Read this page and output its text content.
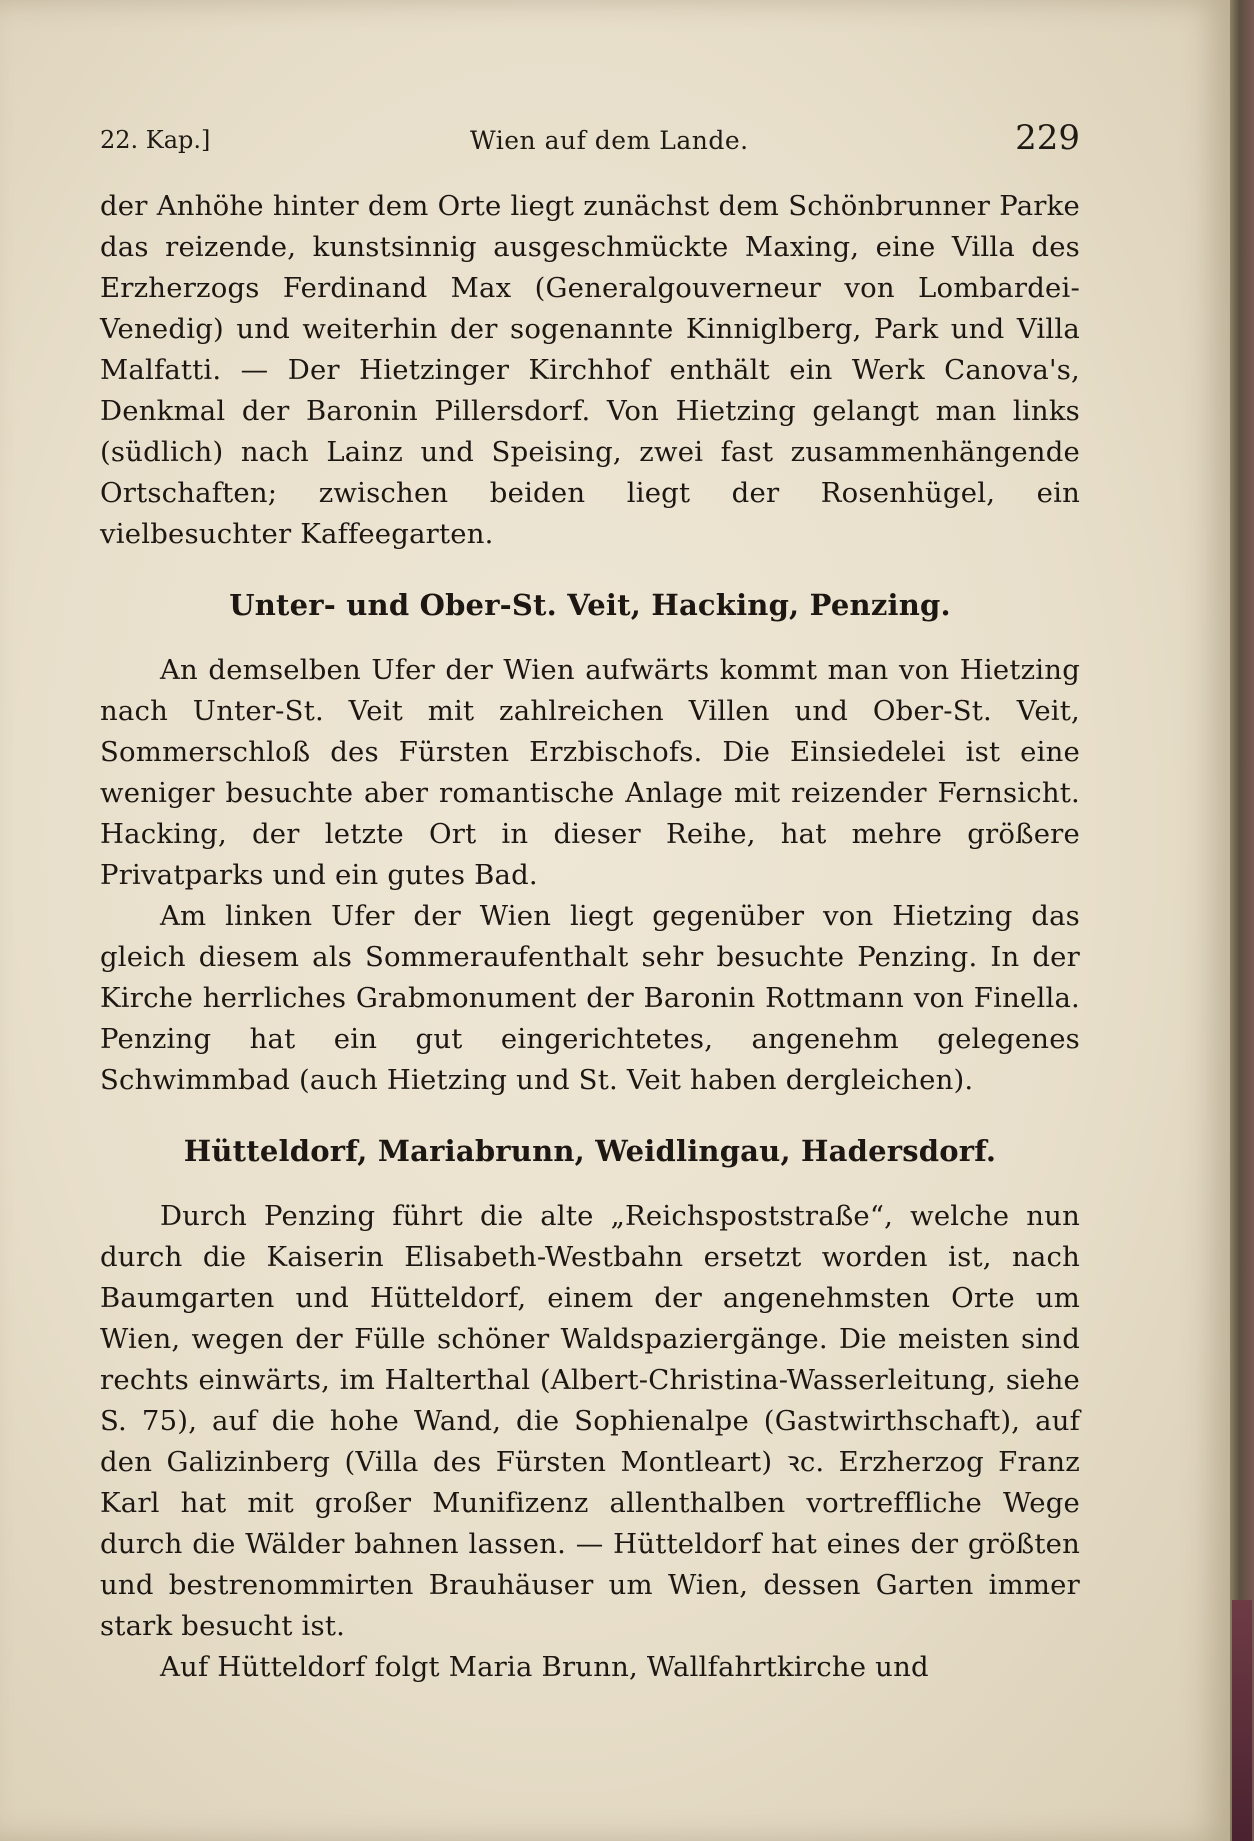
22. Kap.]	Wien auf dem Lande.	229

der Anhöhe hinter dem Orte liegt zunächst dem Schönbrunner Parke das reizende, kunstsinnig ausgeschmückte Maxing, eine Villa des Erzherzogs Ferdinand Max (Generalgouverneur von Lombardei-Venedig) und weiterhin der sogenannte Kinniglberg, Park und Villa Malfatti. — Der Hietzinger Kirchhof enthält ein Werk Canova's, Denkmal der Baronin Pillersdorf. Von Hietzing gelangt man links (südlich) nach Lainz und Speising, zwei fast zusammenhängende Ortschaften; zwischen beiden liegt der Rosenhügel, ein vielbesuchter Kaffeegarten.

Unter- und Ober-St. Veit, Hacking, Penzing.

An demselben Ufer der Wien aufwärts kommt man von Hietzing nach Unter-St. Veit mit zahlreichen Villen und Ober-St. Veit, Sommerschloß des Fürsten Erzbischofs. Die Einsiedelei ist eine weniger besuchte aber romantische Anlage mit reizender Fernsicht. Hacking, der letzte Ort in dieser Reihe, hat mehre größere Privatparks und ein gutes Bad.

Am linken Ufer der Wien liegt gegenüber von Hietzing das gleich diesem als Sommeraufenthalt sehr besuchte Penzing. In der Kirche herrliches Grabmonument der Baronin Rottmann von Finella. Penzing hat ein gut eingerichtetes, angenehm gelegenes Schwimmbad (auch Hietzing und St. Veit haben dergleichen).

Hütteldorf, Mariabrunn, Weidlingau, Hadersdorf.

Durch Penzing führt die alte „Reichspoststraße“, welche nun durch die Kaiserin Elisabeth-Westbahn ersetzt worden ist, nach Baumgarten und Hütteldorf, einem der angenehmsten Orte um Wien, wegen der Fülle schöner Waldspaziergänge. Die meisten sind rechts einwärts, im Halterthal (Albert-Christina-Wasserleitung, siehe S. 75), auf die hohe Wand, die Sophienalpe (Gastwirthschaft), auf den Galizinberg (Villa des Fürsten Montleart) ꝛc. Erzherzog Franz Karl hat mit großer Munifizenz allenthalben vortreffliche Wege durch die Wälder bahnen lassen. — Hütteldorf hat eines der größten und bestrenommirten Brauhäuser um Wien, dessen Garten immer stark besucht ist.

Auf Hütteldorf folgt Maria Brunn, Wallfahrtkirche und
